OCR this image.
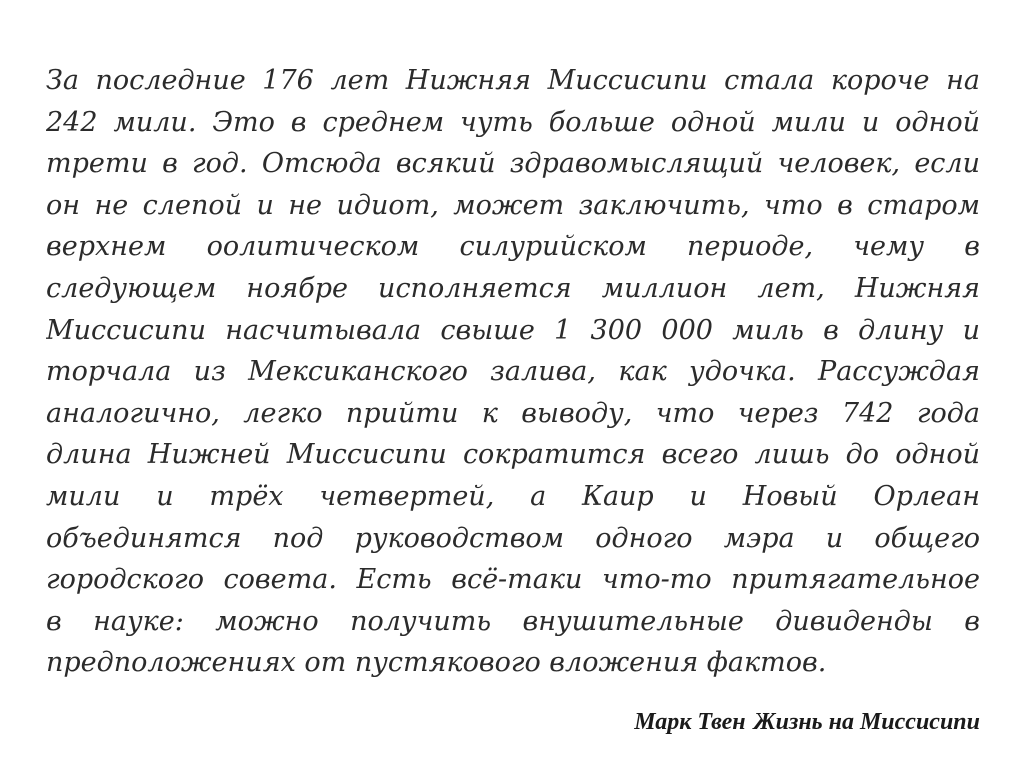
За последние 176 лет Нижняя Миссисипи стала короче на
242 мили. Это в среднем чуть больше одной мили и одной
трети в год. Отсюда всякий здравомыслящий человек, если
он не слепой и не идиот, может заключить, что в старом
верхнем оолитическом силурийском периоде, чему в
следующем ноябре исполняется миллион лет, Нижняя
Миссисипи насчитывала свыше 1 300 000 миль в длину и
торчала из Мексиканского залива, как удочка. Рассуждая
аналогично, легко прийти к выводу, что через 742 года
длина Нижней Миссисипи сократится всего лишь до одной
мили и трёх четвертей, а Каир и Новый Орлеан
объединятся под руководством одного мэра и общего
городского совета. Есть всё-таки что-то притягательное
в науке: можно получить внушительные дивиденды в
предположениях от пустякового вложения фактов.

Марк Твен Жизнь на Миссисипи
